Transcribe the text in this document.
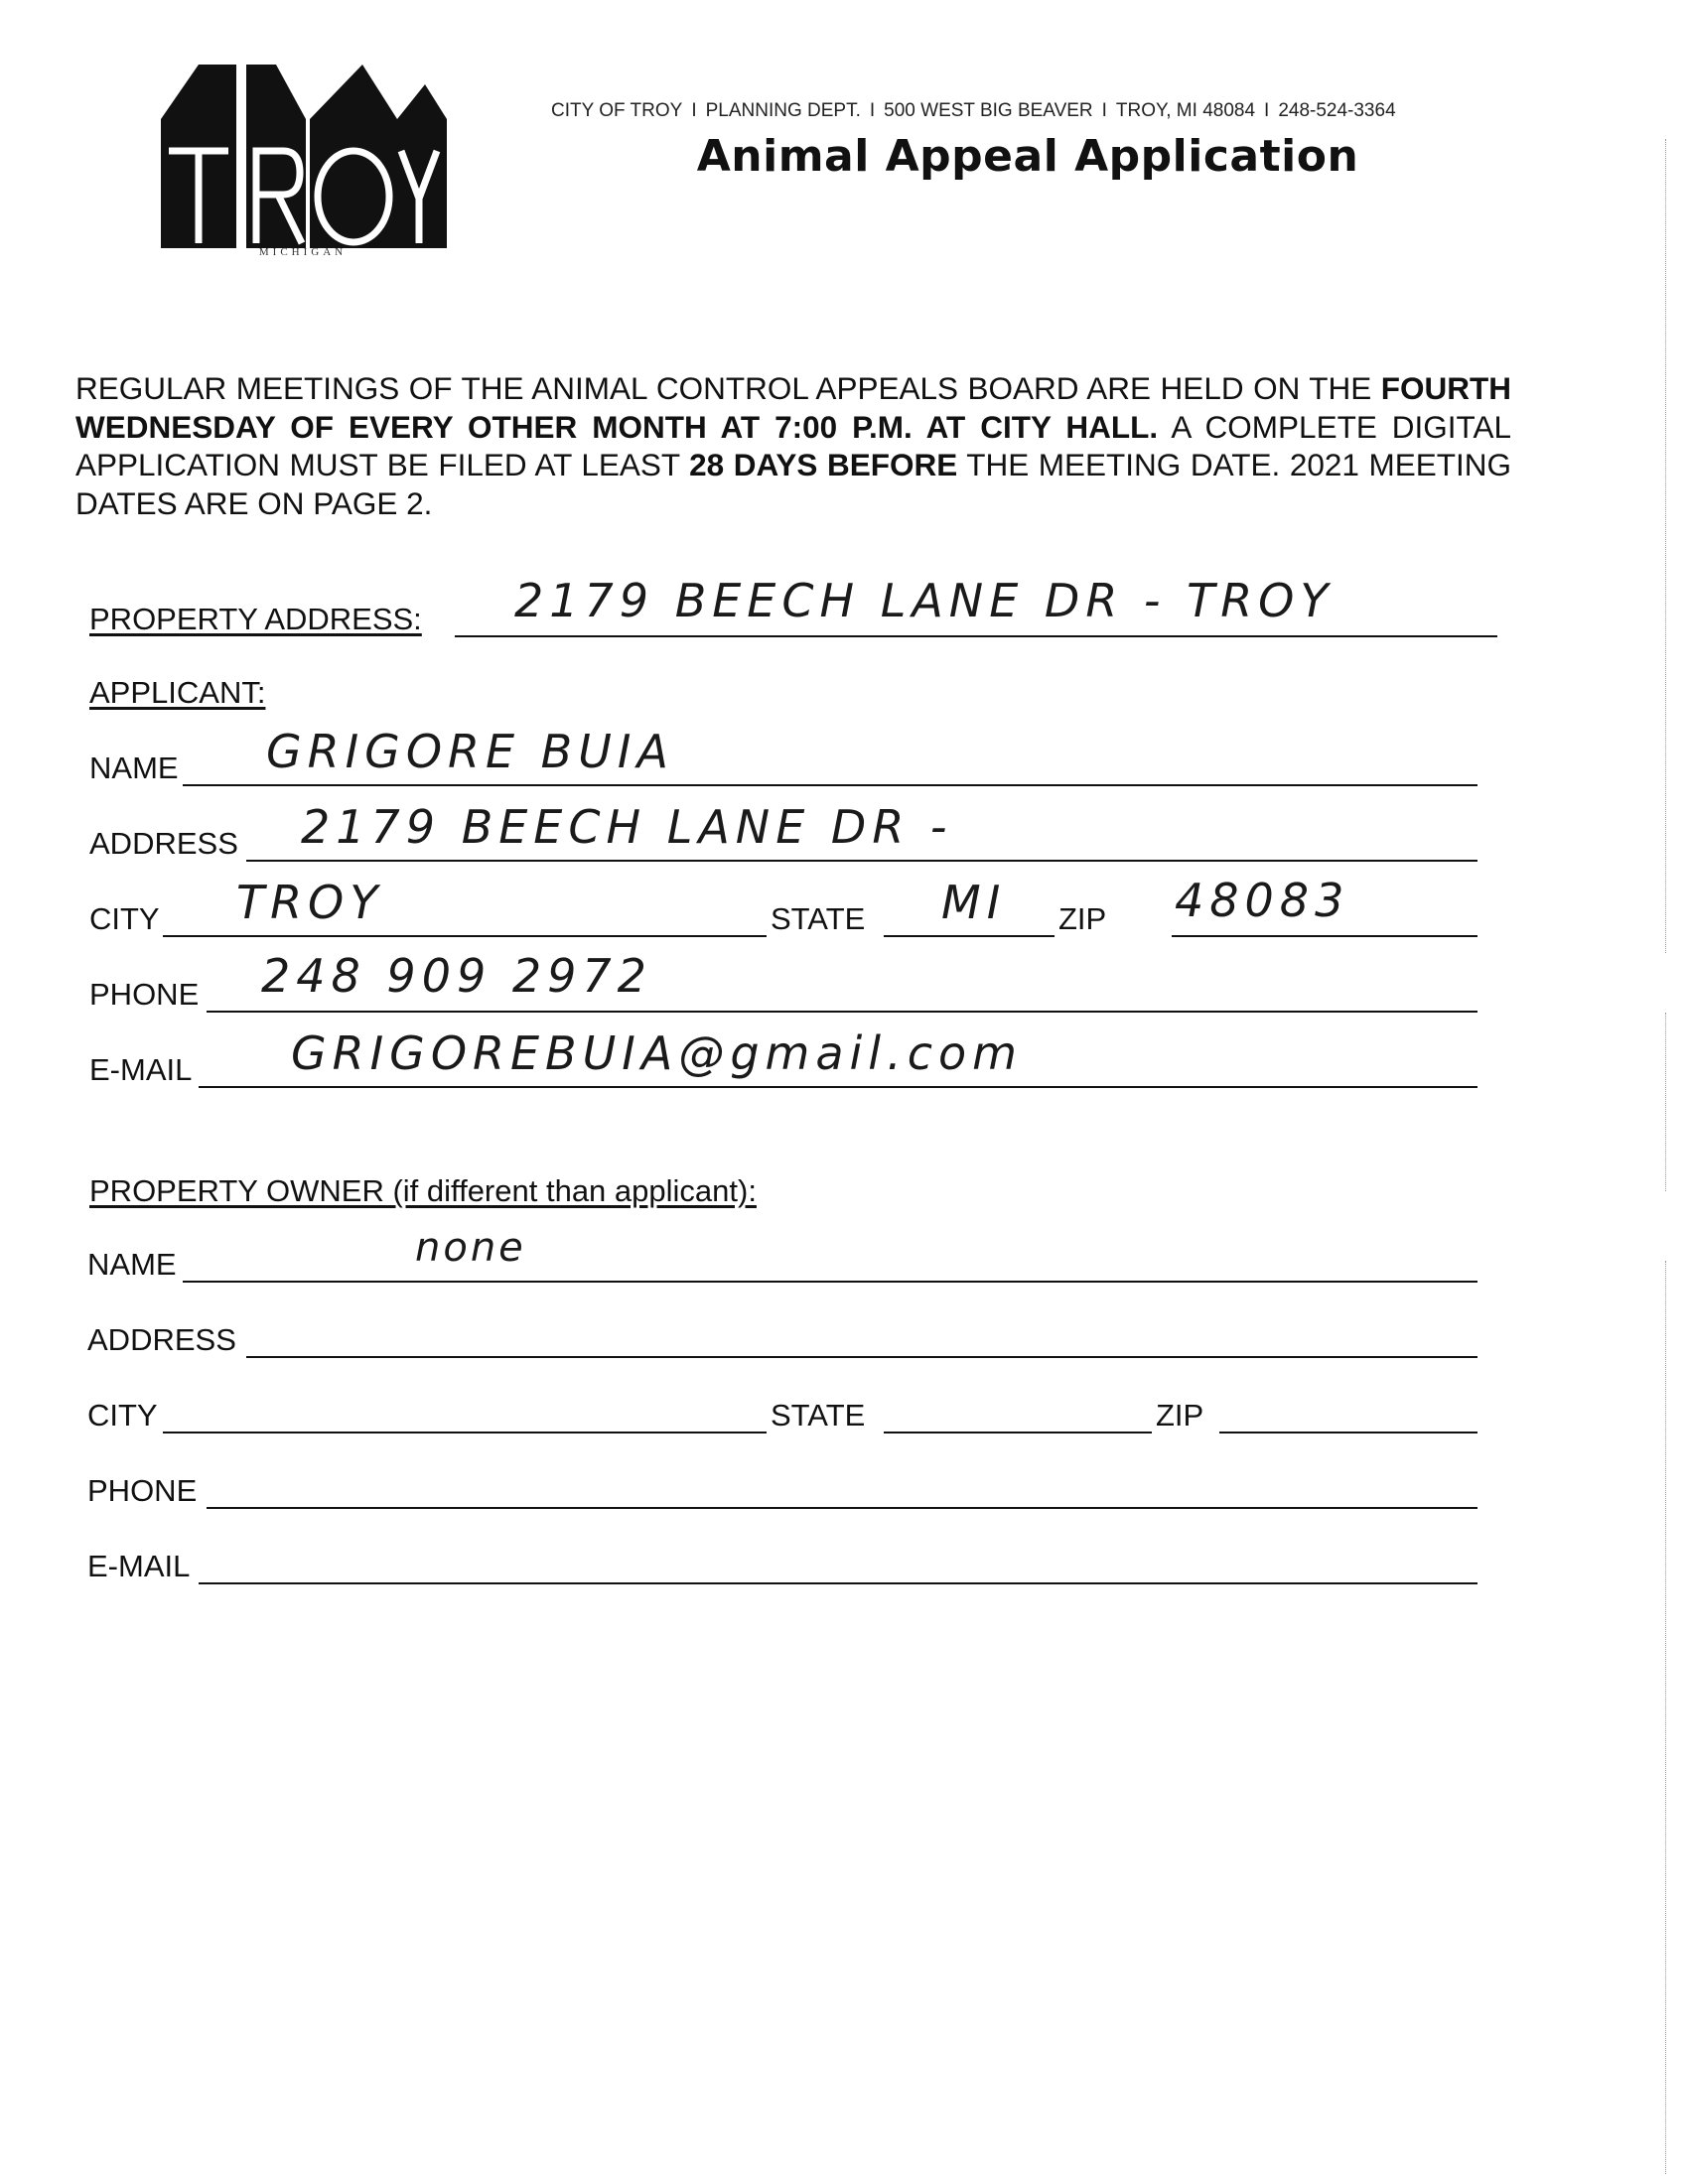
MICHIGAN
CITY OF TROY I PLANNING DEPT. I 500 WEST BIG BEAVER I TROY, MI 48084 I 248-524-3364
Animal Appeal Application
REGULAR MEETINGS OF THE ANIMAL CONTROL APPEALS BOARD ARE HELD ON THE FOURTH WEDNESDAY OF EVERY OTHER MONTH AT 7:00 P.M. AT CITY HALL. A COMPLETE DIGITAL APPLICATION MUST BE FILED AT LEAST 28 DAYS BEFORE THE MEETING DATE. 2021 MEETING DATES ARE ON PAGE 2.
PROPERTY ADDRESS: 2179 BEECH LANE DR - TROY
APPLICANT:
NAME GRIGORE BUIA
ADDRESS 2179 BEECH LANE DR -
CITY TROY	STATE MI ZIP 48083
PHONE 248 909 2972
E-MAIL GRIGOREBUIA@gmail.com
PROPERTY OWNER (if different than applicant):
NAME	none
ADDRESS
CITY	STATE	ZIP
PHONE
E-MAIL
